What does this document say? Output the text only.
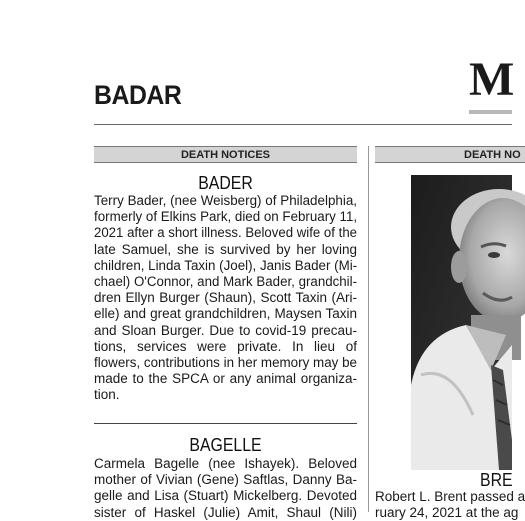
BADAR	M
DEATH NOTICES	DEATH NO
BADER
Terry Bader, (nee Weisberg) of Philadelphia,
formerly of Elkins Park, died on February 11,
2021 after a short illness. Beloved wife of the
late Samuel, she is survived by her loving
children, Linda Taxin (Joel), Janis Bader (Mi-
chael) O'Connor, and Mark Bader, grandchil-
dren Ellyn Burger (Shaun), Scott Taxin (Ari-
elle) and great grandchildren, Maysen Taxin
and Sloan Burger. Due to covid-19 precau-
tions, services were private. In lieu of
flowers, contributions in her memory may be
made to the SPCA or any animal organiza-
tion.
BAGELLE
Carmela Bagelle (nee Ishayek). Beloved
mother of Vivian (Gene) Saftlas, Danny Ba-
gelle and Lisa (Stuart) Mickelberg. Devoted
sister of Haskel (Julie) Amit, Shaul (Nili)
BRE
Robert L. Brent passed a
ruary 24, 2021 at the ag
